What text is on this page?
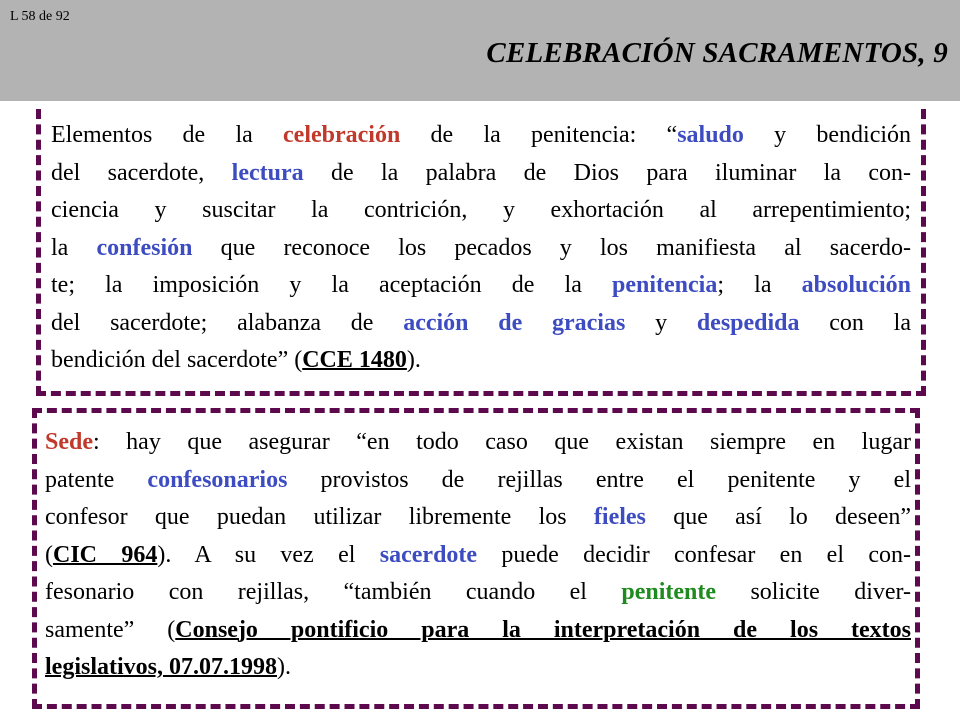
L 58 de 92
CELEBRACIÓN SACRAMENTOS, 9
Elementos de la celebración de la penitencia: “saludo y bendición
del sacerdote, lectura de la palabra de Dios para iluminar la con-
ciencia y suscitar la contrición, y exhortación al arrepentimiento;
la confesión que reconoce los pecados y los manifiesta al sacerdo-
te; la imposición y la aceptación de la penitencia; la absolución
del sacerdote; alabanza de acción de gracias y despedida con la
bendición del sacerdote” (CCE 1480).
Sede: hay que asegurar “en todo caso que existan siempre en lugar
patente confesonarios provistos de rejillas entre el penitente y el
confesor que puedan utilizar libremente los fieles que así lo deseen”
(CIC 964). A su vez el sacerdote puede decidir confesar en el con-
fesonario con rejillas, “también cuando el penitente solicite diver-
samente” (Consejo pontificio para la interpretación de los textos
legislativos, 07.07.1998).
